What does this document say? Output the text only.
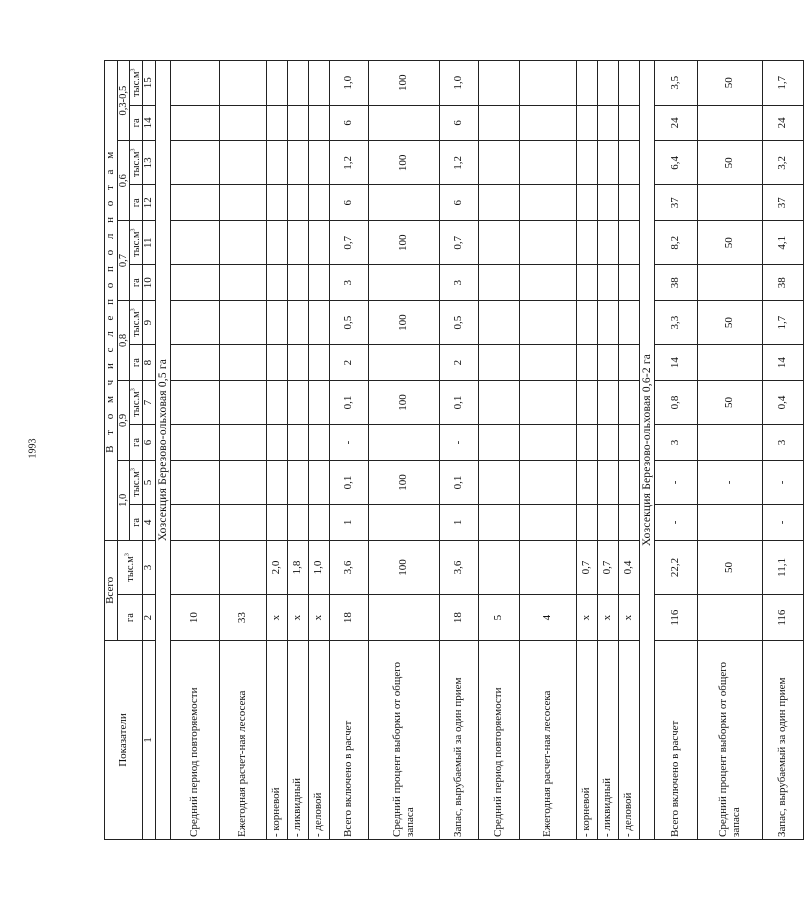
1993
Показатели	Всего		В т о м ч и с л е п о п о л н о т а м											
	га	$тыс.м^3$	1,0		0,9		0,8		0,7		0,6		0,3-0,5	
			га	$тыс.м^3$	га	$тыс.м^3$	га	$тыс.м^3$	га	$тыс.м^3$	га	$тыс.м^3$	га	$тыс.м^3$
1	2	3	4	5	6	7	8	9	10	11	12	13	14	15
Хозсекция Березово-ольховая 0,5 га														
Средний период повторяемости	10													
Ежегодная расчет-ная лесосека	33													
- корневой	х	2,0												
- ликвидный	х	1,8												
- деловой	х	1,0												
Всего включено в расчет	18	3,6	1	0,1	-	0,1	2	0,5	3	0,7	6	1,2	6	1,0
Средний процент выборки от общего запаса		100		100		100		100		100		100		100
Запас, вырубаемый за один прием	18	3,6	1	0,1	-	0,1	2	0,5	3	0,7	6	1,2	6	1,0
Средний период повторяемости	5													
Ежегодная расчет-ная лесосека	4													
- корневой	х	0,7												
- ликвидный	х	0,7												
- деловой	х	0,4												
Хозсекция Березово-ольховая 0,6-2 га														
Всего включено в расчет	116	22,2	-	-	3	0,8	14	3,3	38	8,2	37	6,4	24	3,5
Средний процент выборки от общего запаса		50		-		50		50		50		50		50
Запас, вырубаемый за один прием	116	11,1	-	-	3	0,4	14	1,7	38	4,1	37	3,2	24	1,7
